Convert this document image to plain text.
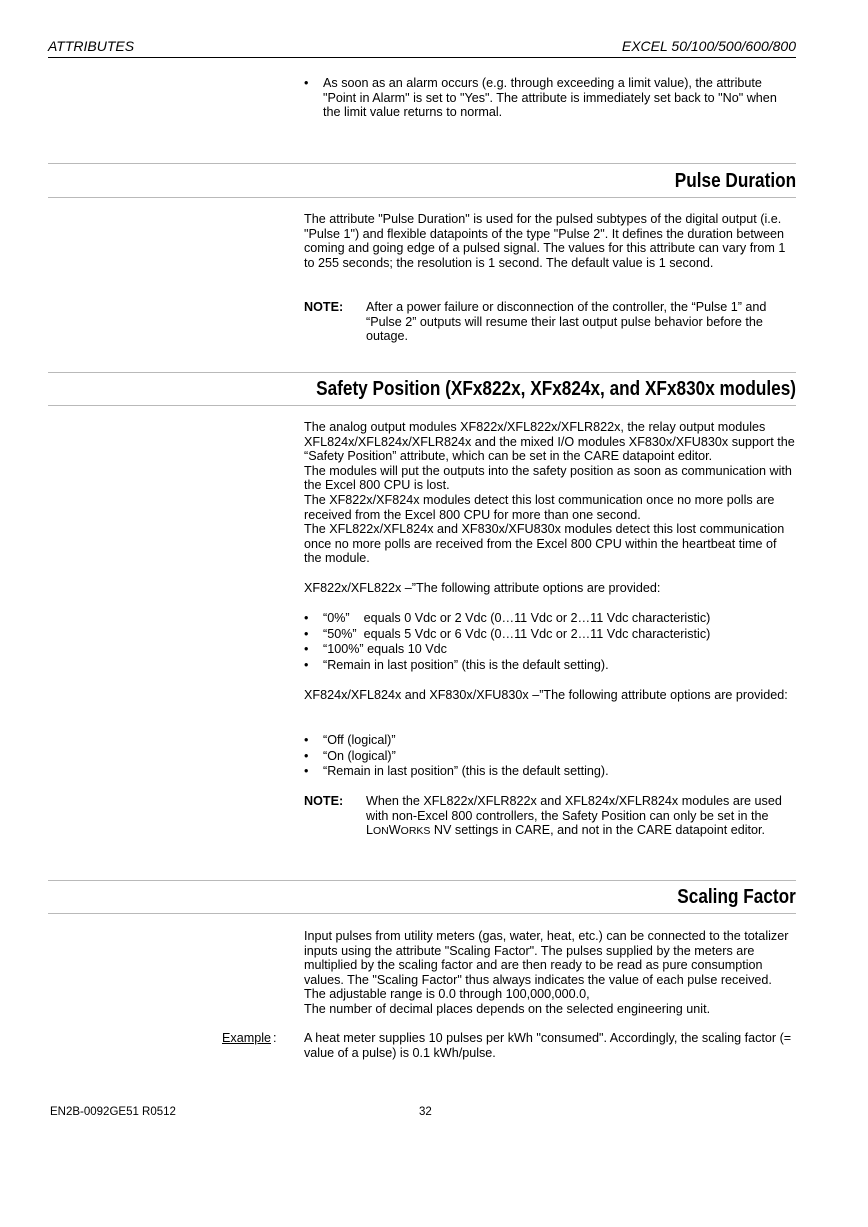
ATTRIBUTES	EXCEL 50/100/500/600/800
• As soon as an alarm occurs (e.g. through exceeding a limit value), the attribute "Point in Alarm" is set to "Yes". The attribute is immediately set back to "No" when the limit value returns to normal.
Pulse Duration

The attribute "Pulse Duration" is used for the pulsed subtypes of the digital output (i.e. "Pulse 1") and flexible datapoints of the type "Pulse 2". It defines the duration between coming and going edge of a pulsed signal. The values for this attribute can vary from 1 to 255 seconds; the resolution is 1 second. The default value is 1 second.

NOTE: After a power failure or disconnection of the controller, the “Pulse 1” and “Pulse 2” outputs will resume their last output pulse behavior before the outage.
Safety Position (XFx822x, XFx824x, and XFx830x modules)
The analog output modules XF822x/XFL822x/XFLR822x, the relay output modules XFL824x/XFL824x/XFLR824x and the mixed I/O modules XF830x/XFU830x support the “Safety Position” attribute, which can be set in the CARE datapoint editor.
The modules will put the outputs into the safety position as soon as communication with the Excel 800 CPU is lost.
The XF822x/XF824x modules detect this lost communication once no more polls are received from the Excel 800 CPU for more than one second.
The XFL822x/XFL824x and XF830x/XFU830x modules detect this lost communication once no more polls are received from the Excel 800 CPU within the heartbeat time of the module.
XF822x/XFL822x –”The following attribute options are provided:
• “0%”    equals 0 Vdc or 2 Vdc (0…11 Vdc or 2…11 Vdc characteristic)
• “50%”  equals 5 Vdc or 6 Vdc (0…11 Vdc or 2…11 Vdc characteristic)
• “100%” equals 10 Vdc
• “Remain in last position” (this is the default setting).
XF824x/XFL824x and XF830x/XFU830x –”The following attribute options are provided:
• “Off (logical)”
• “On (logical)”
• “Remain in last position” (this is the default setting).
NOTE: When the XFL822x/XFLR822x and XFL824x/XFLR824x modules are used with non-Excel 800 controllers, the Safety Position can only be set in the LONWORKS NV settings in CARE, and not in the CARE datapoint editor.
Scaling Factor
Input pulses from utility meters (gas, water, heat, etc.) can be connected to the totalizer inputs using the attribute "Scaling Factor". The pulses supplied by the meters are multiplied by the scaling factor and are then ready to be read as pure consumption values. The "Scaling Factor" thus always indicates the value of each pulse received. The adjustable range is 0.0 through 100,000,000.0,
The number of decimal places depends on the selected engineering unit.
Example : A heat meter supplies 10 pulses per kWh "consumed". Accordingly, the scaling factor (= value of a pulse) is 0.1 kWh/pulse.
EN2B-0092GE51 R0512	32
